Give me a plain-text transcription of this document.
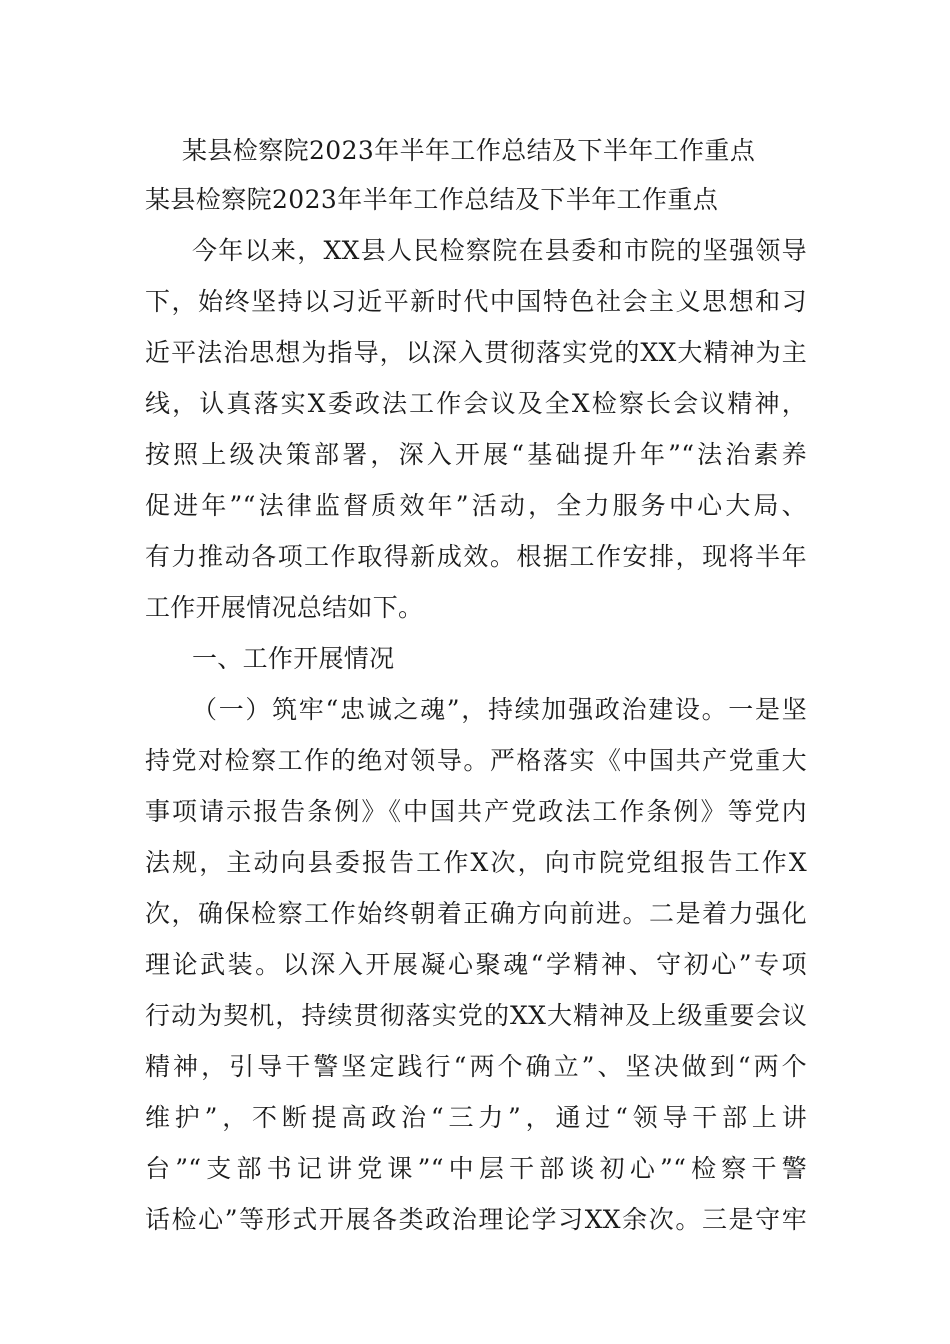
某县检察院2023年半年工作总结及下半年工作重点
某县检察院2023年半年工作总结及下半年工作重点
今年以来，XX县人民检察院在县委和市院的坚强领导
下，始终坚持以习近平新时代中国特色社会主义思想和习
近平法治思想为指导，以深入贯彻落实党的XX大精神为主
线，认真落实X委政法工作会议及全X检察长会议精神，
按照上级决策部署，深入开展“基础提升年”“法治素养
促进年”“法律监督质效年”活动，全力服务中心大局、
有力推动各项工作取得新成效。根据工作安排，现将半年
工作开展情况总结如下。
一、工作开展情况
（一）筑牢“忠诚之魂”，持续加强政治建设。一是坚
持党对检察工作的绝对领导。严格落实《中国共产党重大
事项请示报告条例》《中国共产党政法工作条例》等党内
法规，主动向县委报告工作X次，向市院党组报告工作X
次，确保检察工作始终朝着正确方向前进。二是着力强化
理论武装。以深入开展凝心聚魂“学精神、守初心”专项
行动为契机，持续贯彻落实党的XX大精神及上级重要会议
精神，引导干警坚定践行“两个确立”、坚决做到“两个
维护”，不断提高政治“三力”，通过“领导干部上讲
台”“支部书记讲党课”“中层干部谈初心”“检察干警
话检心”等形式开展各类政治理论学习XX余次。三是守牢
